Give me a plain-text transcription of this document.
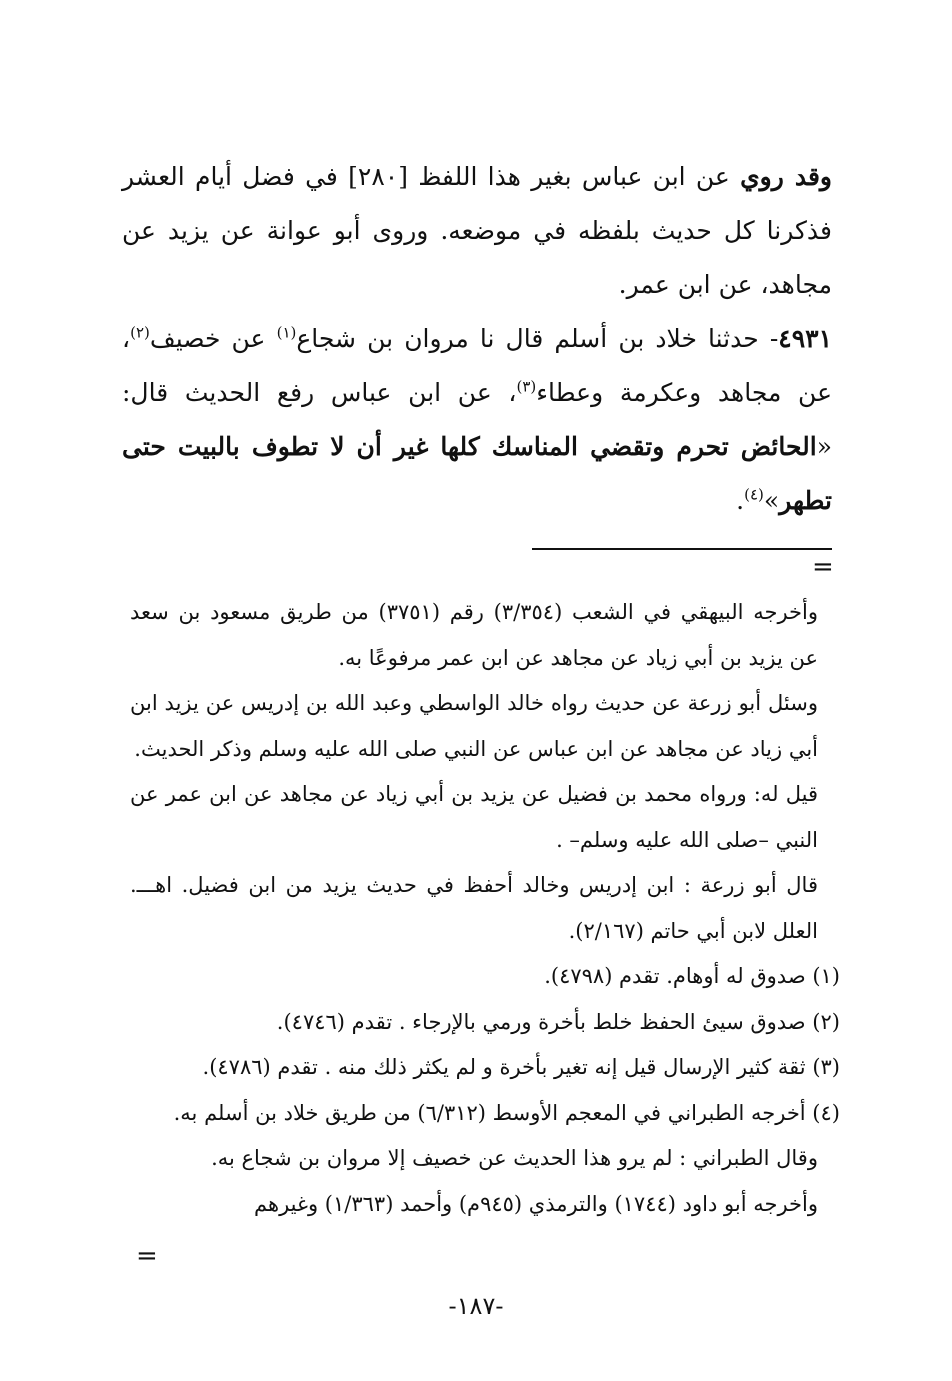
وقد روي عن ابن عباس بغير هذا اللفظ [٢٨٠] في فضل أيام العشر فذكرنا كل حديث بلفظه في موضعه. وروى أبو عوانة عن يزيد عن مجاهد، عن ابن عمر.

٤٩٣١- حدثنا خلاد بن أسلم قال نا مروان بن شجاع$^{(١)}$ عن خصيف$^{(٢)}$، عن مجاهد وعكرمة وعطاء$^{(٣)}$، عن ابن عباس رفع الحديث قال: «الحائض تحرم وتقضي المناسك كلها غير أن لا تطوف بالبيت حتى تطهر»$^{(٤)}$.

=

وأخرجه البيهقي في الشعب (٣/٣٥٤) رقم (٣٧٥١) من طريق مسعود بن سعد عن يزيد بن أبي زياد عن مجاهد عن ابن عمر مرفوعًا به.

وسئل أبو زرعة عن حديث رواه خالد الواسطي وعبد الله بن إدريس عن يزيد ابن أبي زياد عن مجاهد عن ابن عباس عن النبي صلى الله عليه وسلم وذكر الحديث.

قيل له: ورواه محمد بن فضيل عن يزيد بن أبي زياد عن مجاهد عن ابن عمر عن النبي –صلى الله عليه وسلم– .

قال أبو زرعة : ابن إدريس وخالد أحفظ في حديث يزيد من ابن فضيل. اهـــ. العلل لابن أبي حاتم (٢/١٦٧).

(١) صدوق له أوهام. تقدم (٤٧٩٨).

(٢) صدوق سيئ الحفظ خلط بأخرة ورمي بالإرجاء . تقدم (٤٧٤٦).

(٣) ثقة كثير الإرسال قيل إنه تغير بأخرة و لم يكثر ذلك منه . تقدم (٤٧٨٦).

(٤) أخرجه الطبراني في المعجم الأوسط (٦/٣١٢) من طريق خلاد بن أسلم به.

وقال الطبراني : لم يرو هذا الحديث عن خصيف إلا مروان بن شجاع به.

وأخرجه أبو داود (١٧٤٤) والترمذي (٩٤٥م) وأحمد (١/٣٦٣) وغيرهم

=
-١٨٧-
